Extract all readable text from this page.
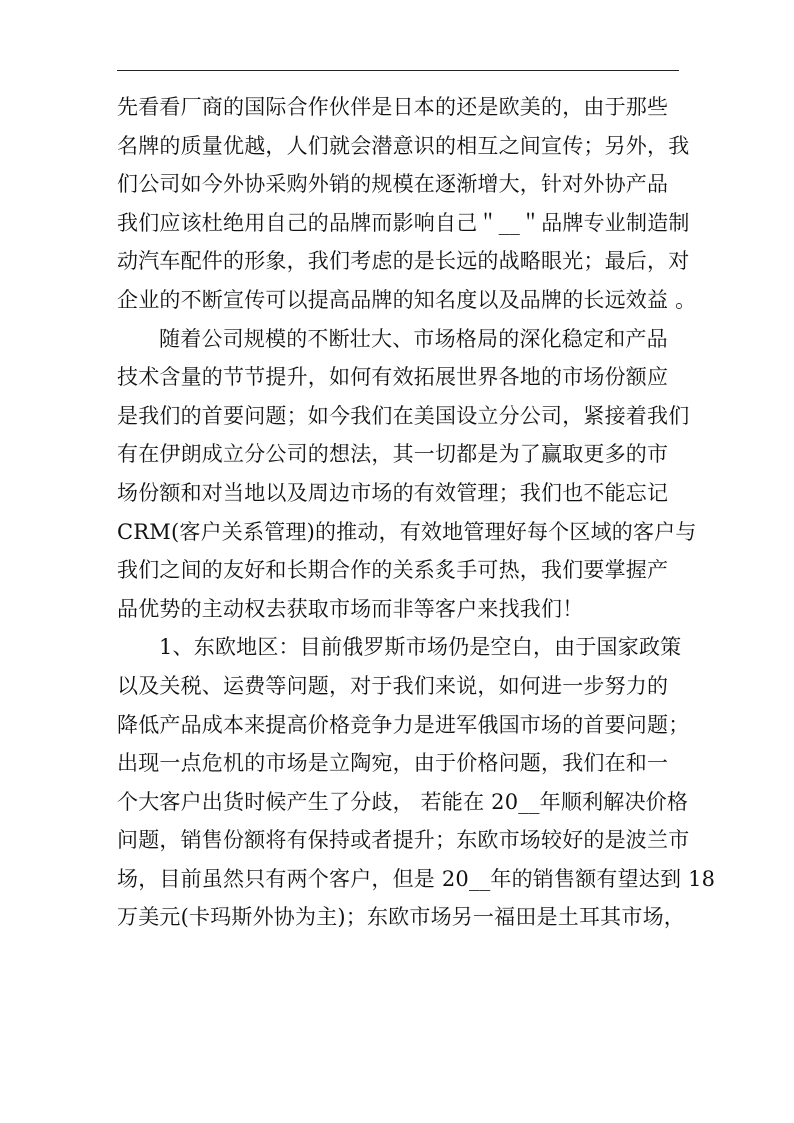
先看看厂商的国际合作伙伴是日本的还是欧美的，由于那些
名牌的质量优越，人们就会潜意识的相互之间宣传；另外，我
们公司如今外协采购外销的规模在逐渐增大，针对外协产品
我们应该杜绝用自己的品牌而影响自己＂__＂品牌专业制造制
动汽车配件的形象，我们考虑的是长远的战略眼光；最后，对
企业的不断宣传可以提高品牌的知名度以及品牌的长远效益 。
随着公司规模的不断壮大、市场格局的深化稳定和产品
技术含量的节节提升，如何有效拓展世界各地的市场份额应
是我们的首要问题；如今我们在美国设立分公司，紧接着我们
有在伊朗成立分公司的想法，其一切都是为了赢取更多的市
场份额和对当地以及周边市场的有效管理；我们也不能忘记
CRM(客户关系管理)的推动，有效地管理好每个区域的客户与
我们之间的友好和长期合作的关系炙手可热，我们要掌握产
品优势的主动权去获取市场而非等客户来找我们！
1、东欧地区：目前俄罗斯市场仍是空白，由于国家政策
以及关税、运费等问题，对于我们来说，如何进一步努力的
降低产品成本来提高价格竞争力是进军俄国市场的首要问题；
出现一点危机的市场是立陶宛，由于价格问题，我们在和一
个大客户出货时候产生了分歧， 若能在 20__年顺利解决价格
问题，销售份额将有保持或者提升；东欧市场较好的是波兰市
场，目前虽然只有两个客户，但是 20__年的销售额有望达到 18
万美元(卡玛斯外协为主)；东欧市场另一福田是土耳其市场，
